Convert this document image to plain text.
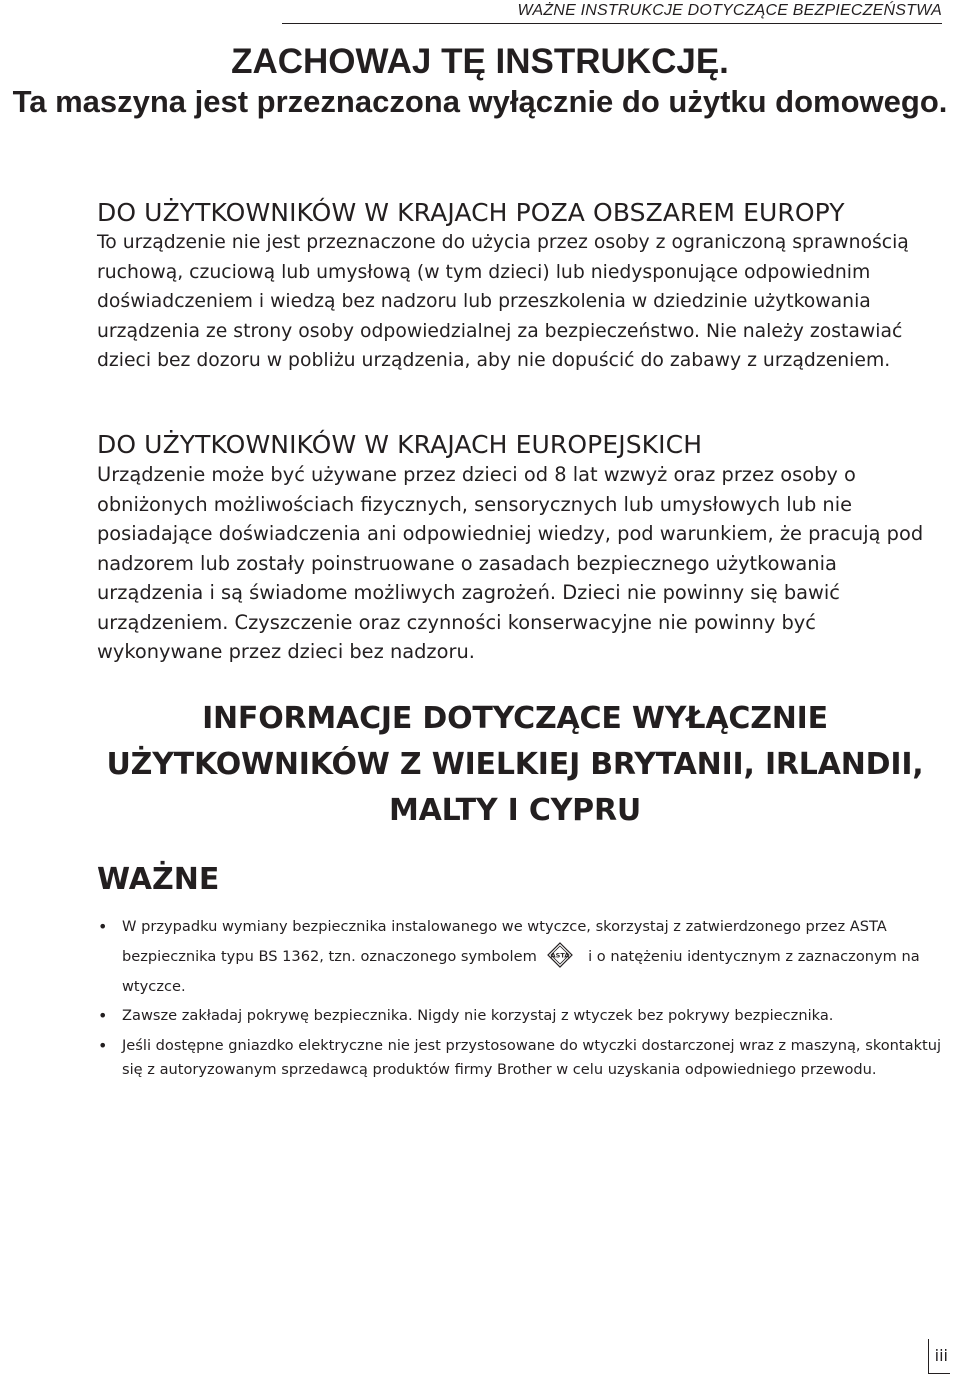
WAŻNE INSTRUKCJE DOTYCZĄCE BEZPIECZEŃSTWA
ZACHOWAJ TĘ INSTRUKCJĘ.
Ta maszyna jest przeznaczona wyłącznie do użytku domowego.
DO UŻYTKOWNIKÓW W KRAJACH POZA OBSZAREM EUROPY

To urządzenie nie jest przeznaczone do użycia przez osoby z ograniczoną sprawnością ruchową, czuciową lub umysłową (w tym dzieci) lub niedysponujące odpowiednim doświadczeniem i wiedzą bez nadzoru lub przeszkolenia w dziedzinie użytkowania urządzenia ze strony osoby odpowiedzialnej za bezpieczeństwo. Nie należy zostawiać dzieci bez dozoru w pobliżu urządzenia, aby nie dopuścić do zabawy z urządzeniem.

DO UŻYTKOWNIKÓW W KRAJACH EUROPEJSKICH

Urządzenie może być używane przez dzieci od 8 lat wzwyż oraz przez osoby o obniżonych możliwościach fizycznych, sensorycznych lub umysłowych lub nie posiadające doświadczenia ani odpowiedniej wiedzy, pod warunkiem, że pracują pod nadzorem lub zostały poinstruowane o zasadach bezpiecznego użytkowania urządzenia i są świadome możliwych zagrożeń. Dzieci nie powinny się bawić urządzeniem. Czyszczenie oraz czynności konserwacyjne nie powinny być wykonywane przez dzieci bez nadzoru.

INFORMACJE DOTYCZĄCE WYŁĄCZNIE
UŻYTKOWNIKÓW Z WIELKIEJ BRYTANII, IRLANDII,
MALTY I CYPRU
WAŻNE
• W przypadku wymiany bezpiecznika instalowanego we wtyczce, skorzystaj z zatwierdzonego przez ASTA bezpiecznika typu BS 1362, tzn. oznaczonego symbolem ASTA i o natężeniu identycznym z zaznaczonym na wtyczce.
• Zawsze zakładaj pokrywę bezpiecznika. Nigdy nie korzystaj z wtyczek bez pokrywy bezpiecznika.
• Jeśli dostępne gniazdko elektryczne nie jest przystosowane do wtyczki dostarczonej wraz z maszyną, skontaktuj się z autoryzowanym sprzedawcą produktów firmy Brother w celu uzyskania odpowiedniego przewodu.
iii
